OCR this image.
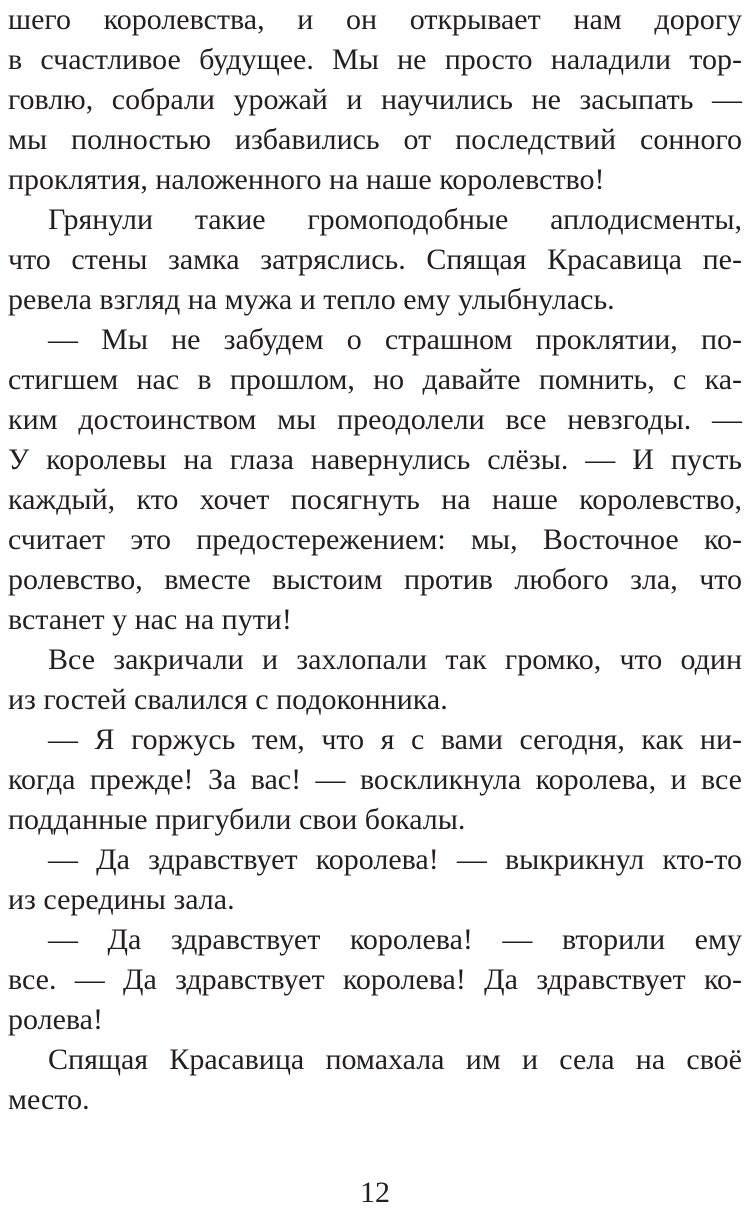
шего королевства, и он открывает нам дорогу
в счастливое будущее. Мы не просто наладили тор-
говлю, собрали урожай и научились не засыпать —
мы полностью избавились от последствий сонного
проклятия, наложенного на наше королевство!
Грянули такие громоподобные аплодисменты,
что стены замка затряслись. Спящая Красавица пе-
ревела взгляд на мужа и тепло ему улыбнулась.
— Мы не забудем о страшном проклятии, по-
стигшем нас в прошлом, но давайте помнить, с ка-
ким достоинством мы преодолели все невзгоды. —
У королевы на глаза навернулись слёзы. — И пусть
каждый, кто хочет посягнуть на наше королевство,
считает это предостережением: мы, Восточное ко-
ролевство, вместе выстоим против любого зла, что
встанет у нас на пути!
Все закричали и захлопали так громко, что один
из гостей свалился с подоконника.
— Я горжусь тем, что я с вами сегодня, как ни-
когда прежде! За вас! — воскликнула королева, и все
подданные пригубили свои бокалы.
— Да здравствует королева! — выкрикнул кто-то
из середины зала.
— Да здравствует королева! — вторили ему
все. — Да здравствует королева! Да здравствует ко-
ролева!
Спящая Красавица помахала им и села на своё
место.
12
